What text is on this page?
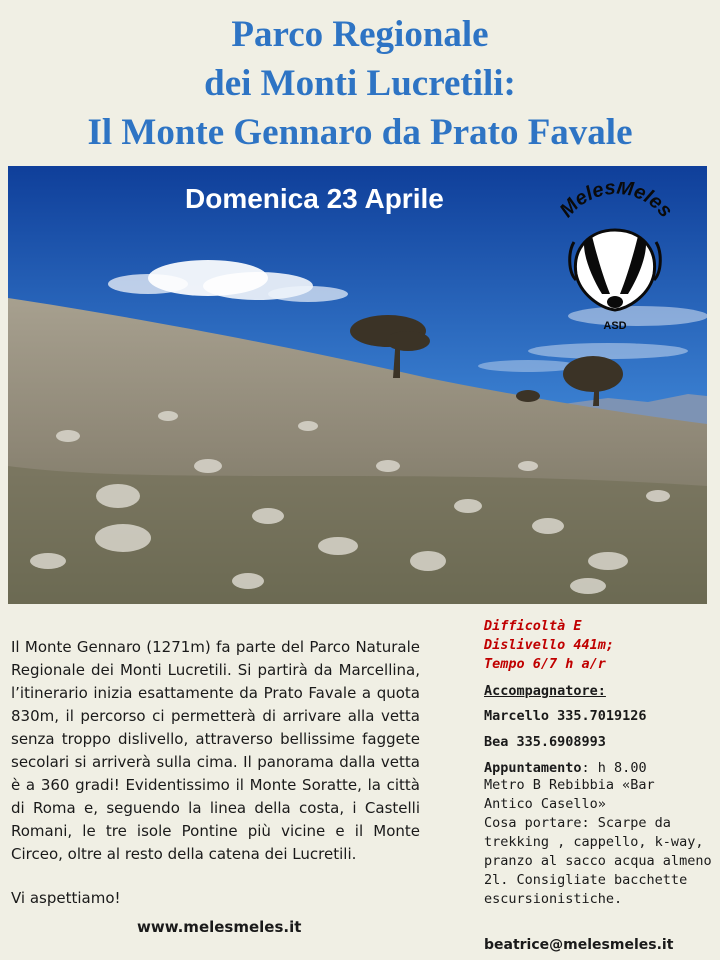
Parco Regionale
dei Monti Lucretili:
Il Monte Gennaro da Prato Favale
Domenica 23 Aprile	MelesMeles
ASD

Il Monte Gennaro (1271m) fa parte del Parco Naturale Regionale dei Monti Lucretili. Si partirà da Marcellina, l’itinerario inizia esattamente da Prato Favale a quota 830m, il percorso ci permetterà di arrivare alla vetta senza troppo dislivello, attraverso bellissime faggete secolari si arriverà sulla cima. Il panorama dalla vetta è a 360 gradi! Evidentissimo il Monte Soratte, la città di Roma e, seguendo la linea della costa, i Castelli Romani, le tre isole Pontine più vicine e il Monte Circeo, oltre al resto della catena dei Lucretili.

Vi aspettiamo!
www.melesmeles.it
Difficoltà E
Dislivello 441m;
Tempo 6/7 h a/r
Accompagnatore:
Marcello 335.7019126
Bea 335.6908993
Appuntamento: h 8.00
Metro B Rebibbia «Bar
Antico Casello»
Cosa portare: Scarpe da
trekking , cappello, k-way,
pranzo al sacco acqua almeno
2l. Consigliate bacchette
escursionistiche.
beatrice@melesmeles.it
